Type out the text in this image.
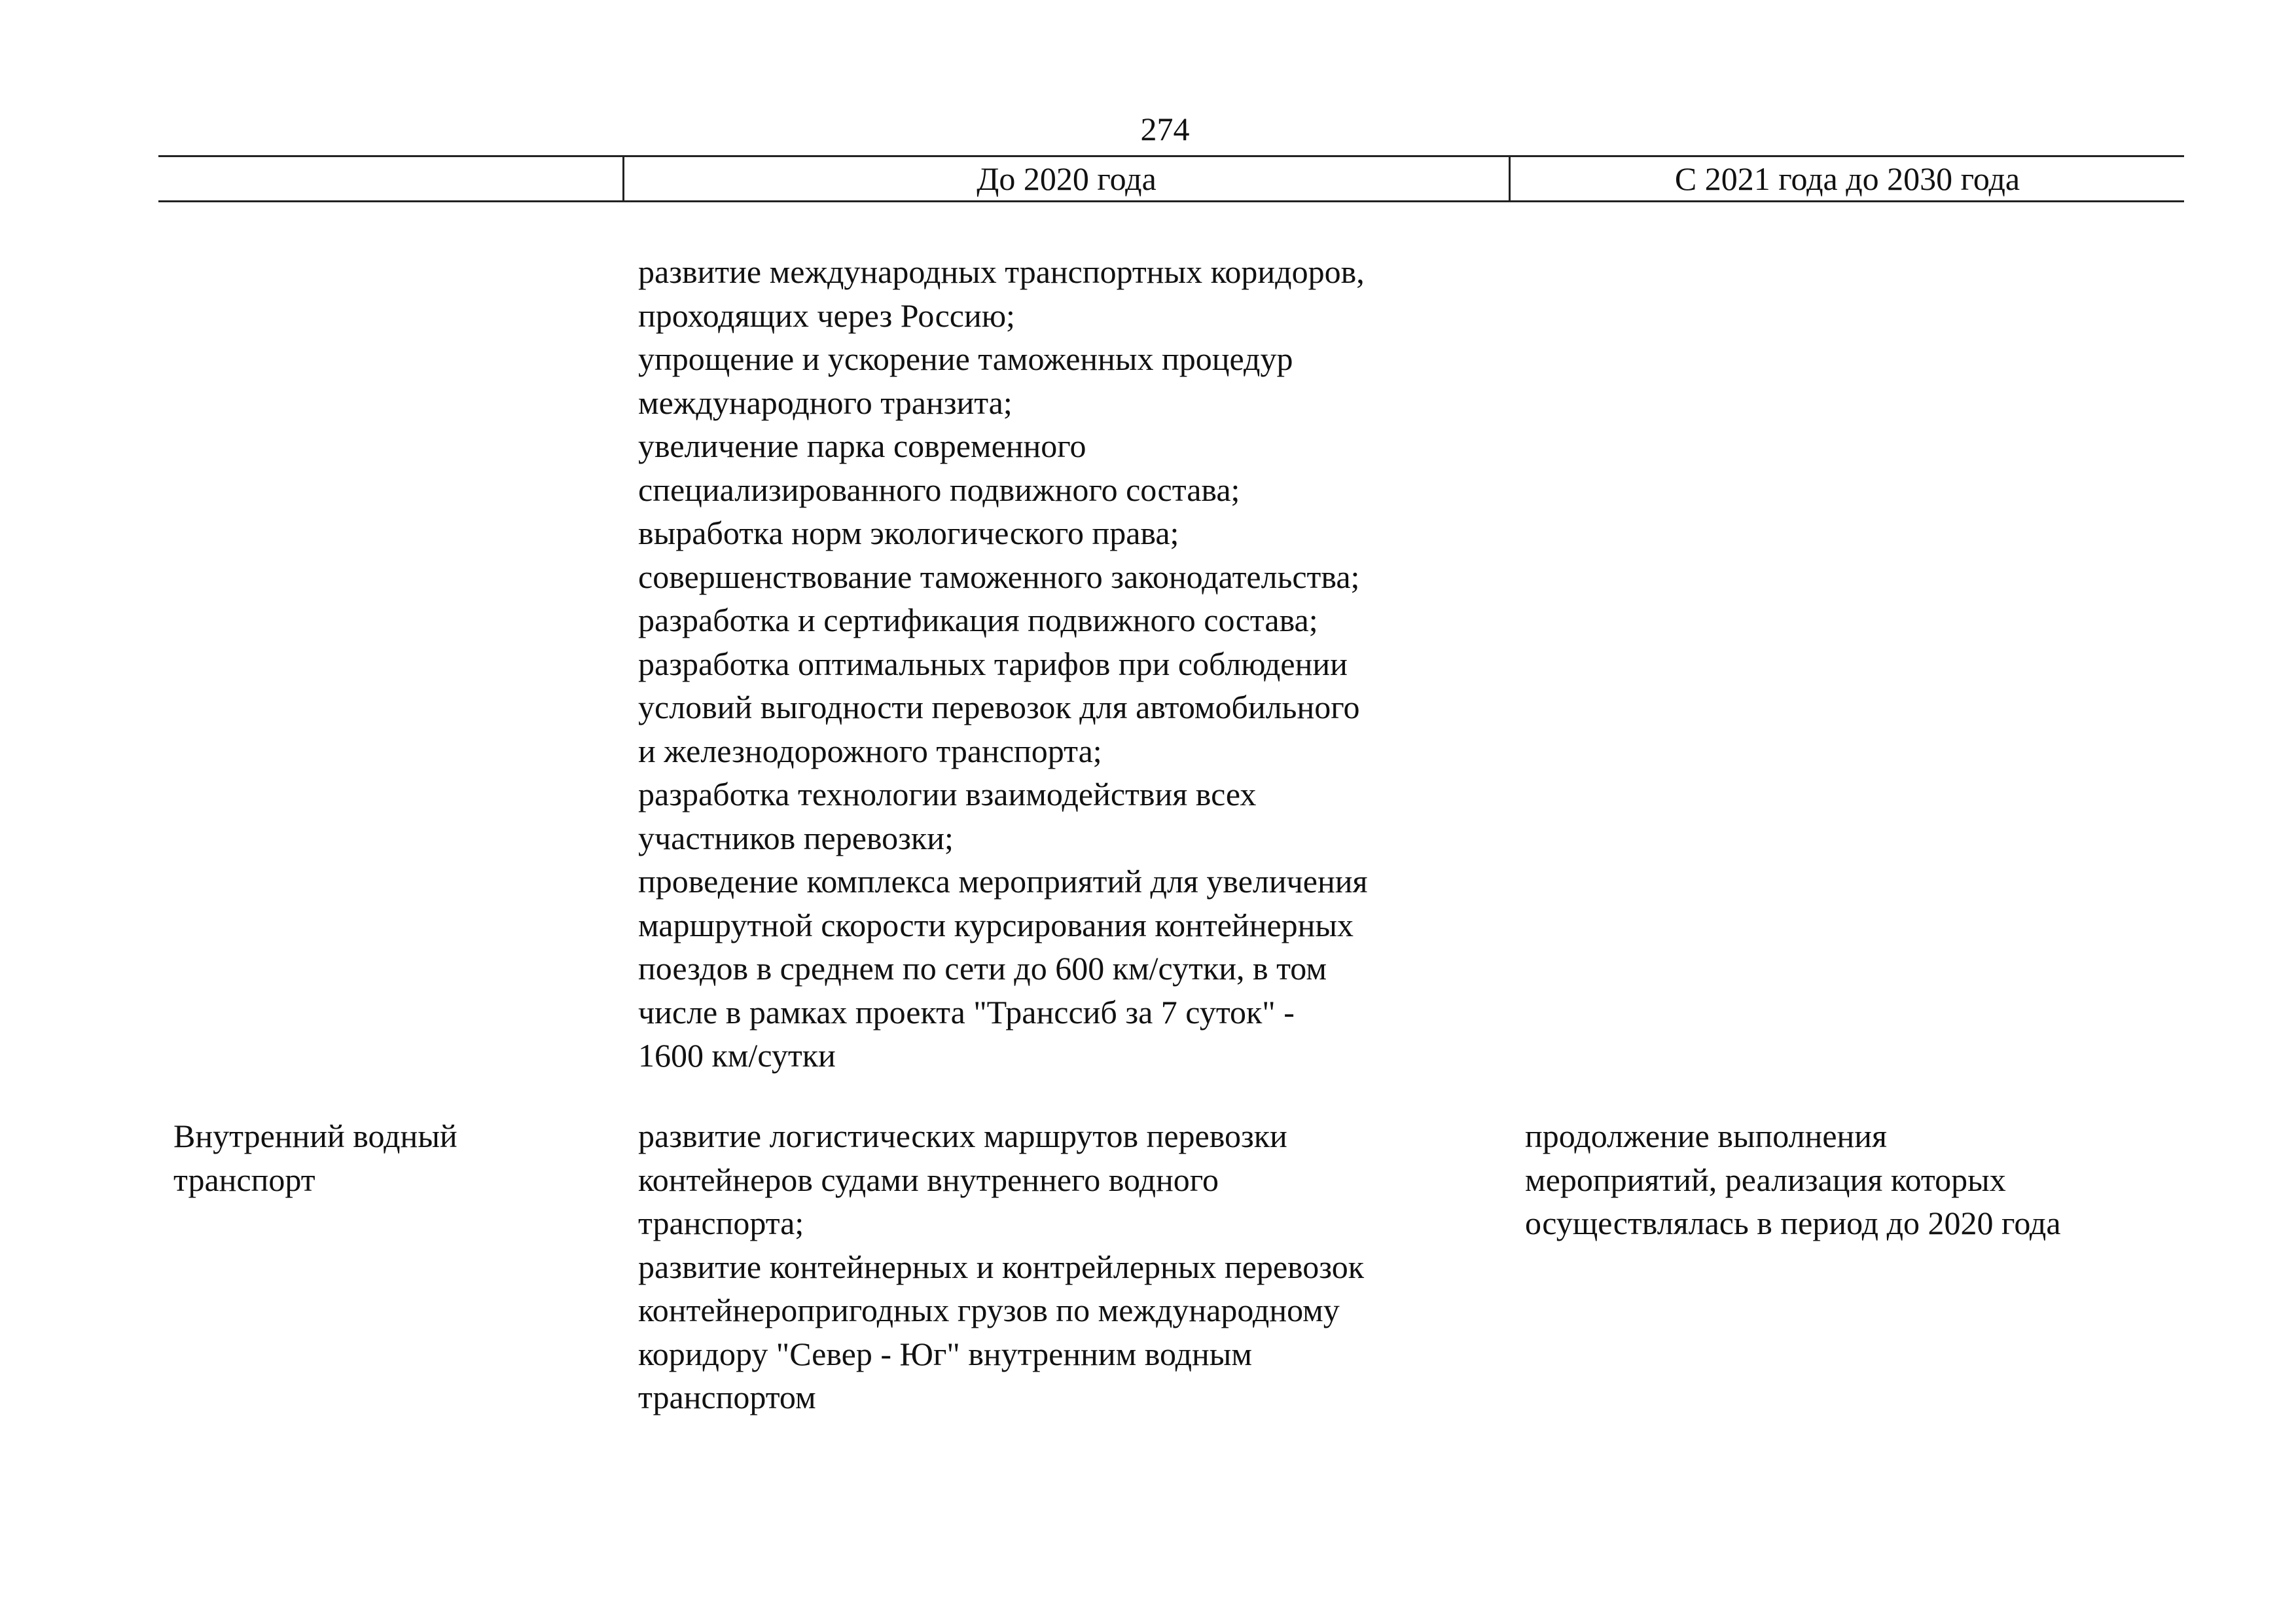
274
До 2020 года	С 2021 года до 2030 года
развитие международных транспортных коридоров,
проходящих через Россию;
упрощение и ускорение таможенных процедур
международного транзита;
увеличение парка современного
специализированного подвижного состава;
выработка норм экологического права;
совершенствование таможенного законодательства;
разработка и сертификация подвижного состава;
разработка оптимальных тарифов при соблюдении
условий выгодности перевозок для автомобильного
и железнодорожного транспорта;
разработка технологии взаимодействия всех
участников перевозки;
проведение комплекса мероприятий для увеличения
маршрутной скорости курсирования контейнерных
поездов в среднем по сети до 600 км/сутки, в том
числе в рамках проекта "Транссиб за 7 суток" -
1600 км/сутки
Внутренний водный
транспорт
развитие логистических маршрутов перевозки
контейнеров судами внутреннего водного
транспорта;
развитие контейнерных и контрейлерных перевозок
контейнеропригодных грузов по международному
коридору "Север - Юг" внутренним водным
транспортом
продолжение выполнения
мероприятий, реализация которых
осуществлялась в период до 2020 года
